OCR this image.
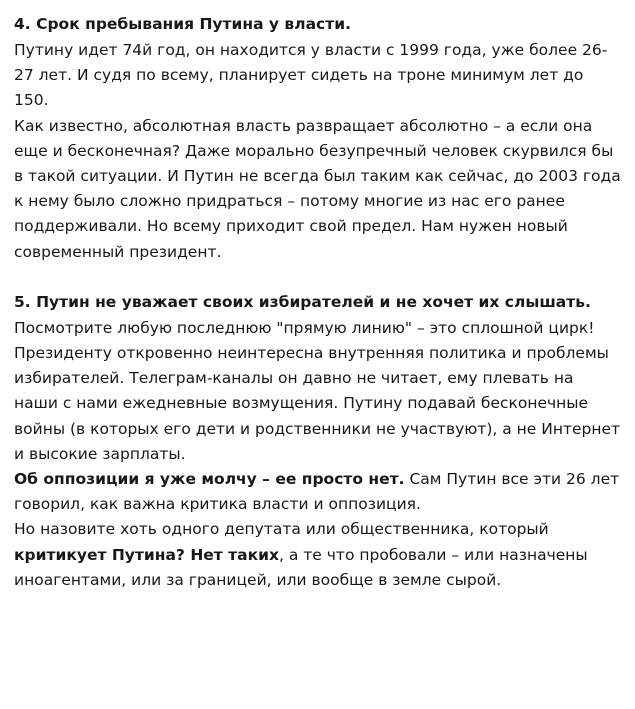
4. Срок пребывания Путина у власти.

Путину идет 74й год, он находится у власти с 1999 года, уже более 26-27 лет. И судя по всему, планирует сидеть на троне минимум лет до 150.

Как известно, абсолютная власть развращает абсолютно – а если она еще и бесконечная? Даже морально безупречный человек скурвился бы в такой ситуации. И Путин не всегда был таким как сейчас, до 2003 года к нему было сложно придраться – потому многие из нас его ранее поддерживали. Но всему приходит свой предел. Нам нужен новый современный президент.

5. Путин не уважает своих избирателей и не хочет их слышать.

Посмотрите любую последнюю "прямую линию" – это сплошной цирк! Президенту откровенно неинтересна внутренняя политика и проблемы избирателей. Телеграм-каналы он давно не читает, ему плевать на наши с нами ежедневные возмущения. Путину подавай бесконечные войны (в которых его дети и родственники не участвуют), а не Интернет и высокие зарплаты.

Об оппозиции я уже молчу – ее просто нет. Сам Путин все эти 26 лет говорил, как важна критика власти и оппозиция.

Но назовите хоть одного депутата или общественника, который критикует Путина? Нет таких, а те что пробовали – или назначены иноагентами, или за границей, или вообще в земле сырой.
